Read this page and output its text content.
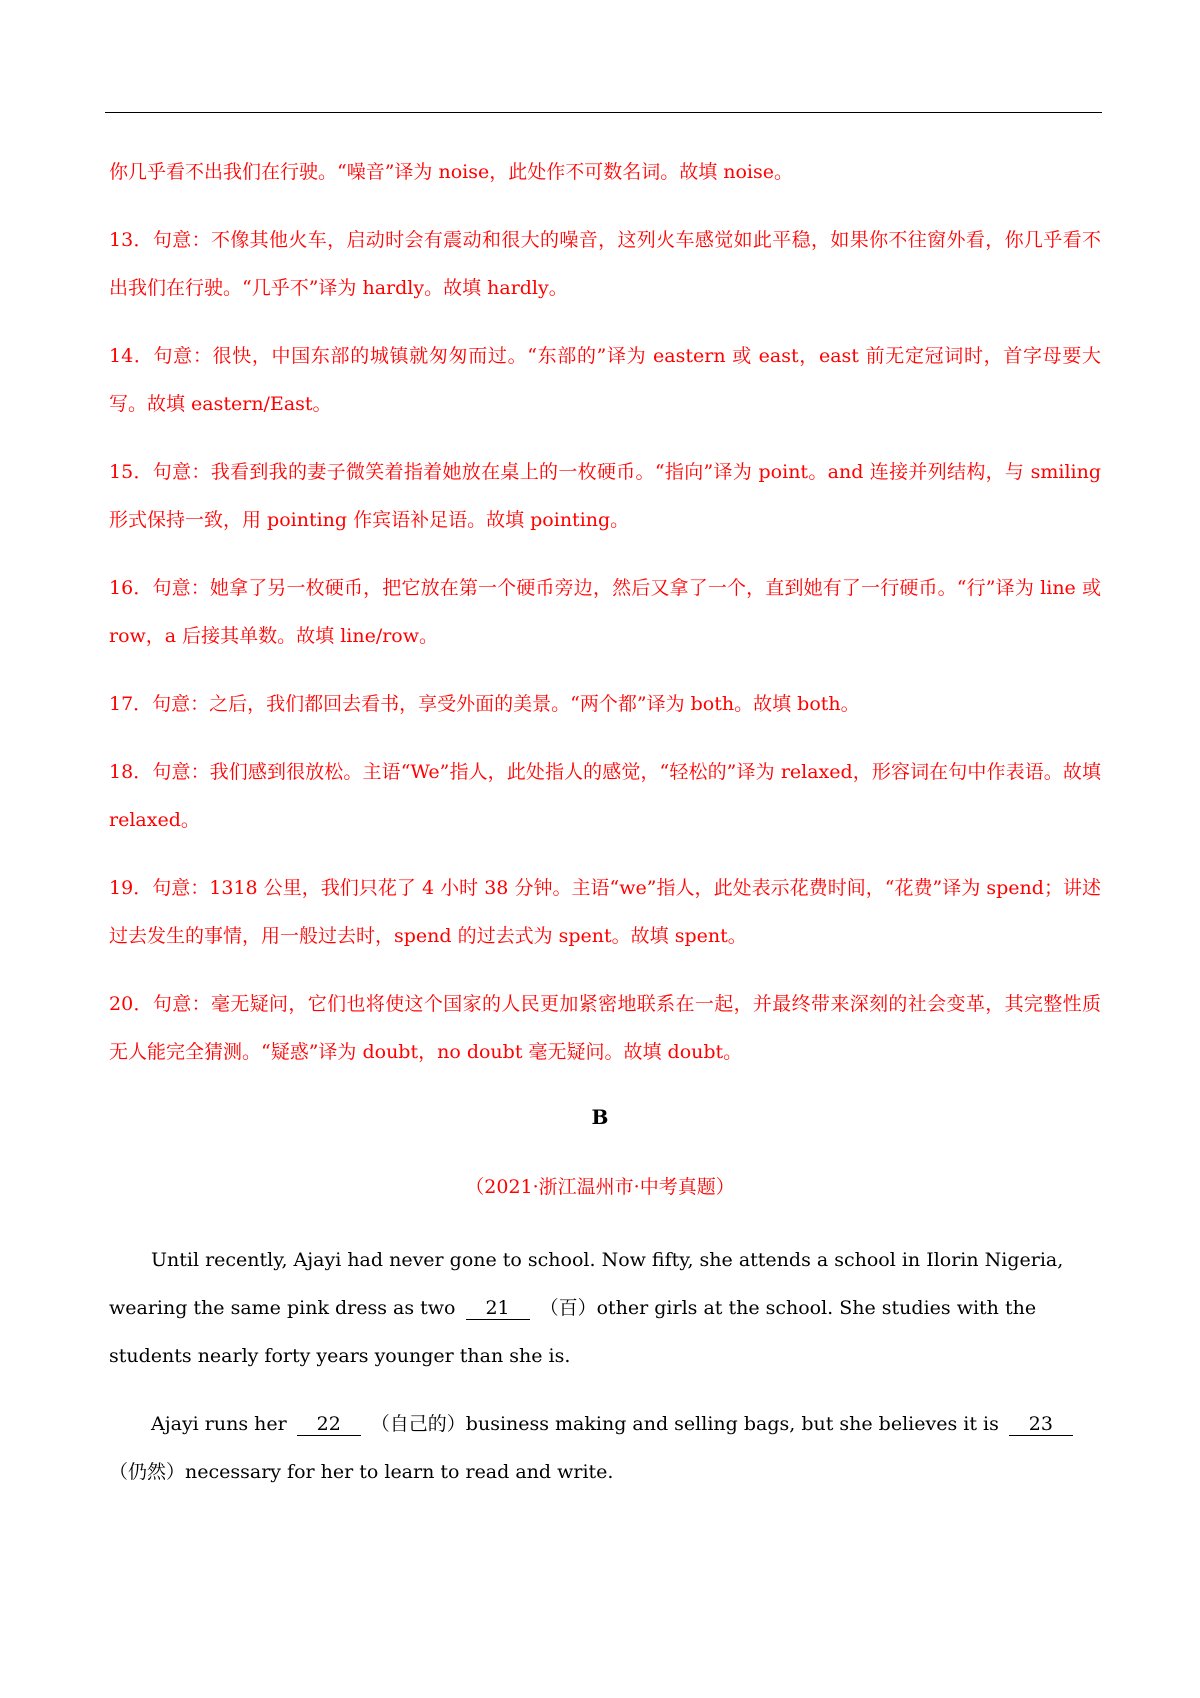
你几乎看不出我们在行驶。“噪音”译为 noise，此处作不可数名词。故填 noise。

13．句意：不像其他火车，启动时会有震动和很大的噪音，这列火车感觉如此平稳，如果你不往窗外看，你几乎看不出我们在行驶。“几乎不”译为 hardly。故填 hardly。

14．句意：很快，中国东部的城镇就匆匆而过。“东部的”译为 eastern 或 east，east 前无定冠词时，首字母要大写。故填 eastern/East。

15．句意：我看到我的妻子微笑着指着她放在桌上的一枚硬币。“指向”译为 point。and 连接并列结构，与 smiling 形式保持一致，用 pointing 作宾语补足语。故填 pointing。

16．句意：她拿了另一枚硬币，把它放在第一个硬币旁边，然后又拿了一个，直到她有了一行硬币。“行”译为 line 或 row，a 后接其单数。故填 line/row。

17．句意：之后，我们都回去看书，享受外面的美景。“两个都”译为 both。故填 both。

18．句意：我们感到很放松。主语“We”指人，此处指人的感觉，“轻松的”译为 relaxed，形容词在句中作表语。故填 relaxed。

19．句意：1318 公里，我们只花了 4 小时 38 分钟。主语“we”指人，此处表示花费时间，“花费”译为 spend；讲述过去发生的事情，用一般过去时，spend 的过去式为 spent。故填 spent。

20．句意：毫无疑问，它们也将使这个国家的人民更加紧密地联系在一起，并最终带来深刻的社会变革，其完整性质无人能完全猜测。“疑惑”译为 doubt，no doubt 毫无疑问。故填 doubt。

B
（2021·浙江温州市·中考真题）

Until recently, Ajayi had never gone to school. Now fifty, she attends a school in Ilorin Nigeria, wearing the same pink dress as two 21 （百）other girls at the school. She studies with the students nearly forty years younger than she is.

Ajayi runs her 22 （自己的）business making and selling bags, but she believes it is 23 （仍然）necessary for her to learn to read and write.
